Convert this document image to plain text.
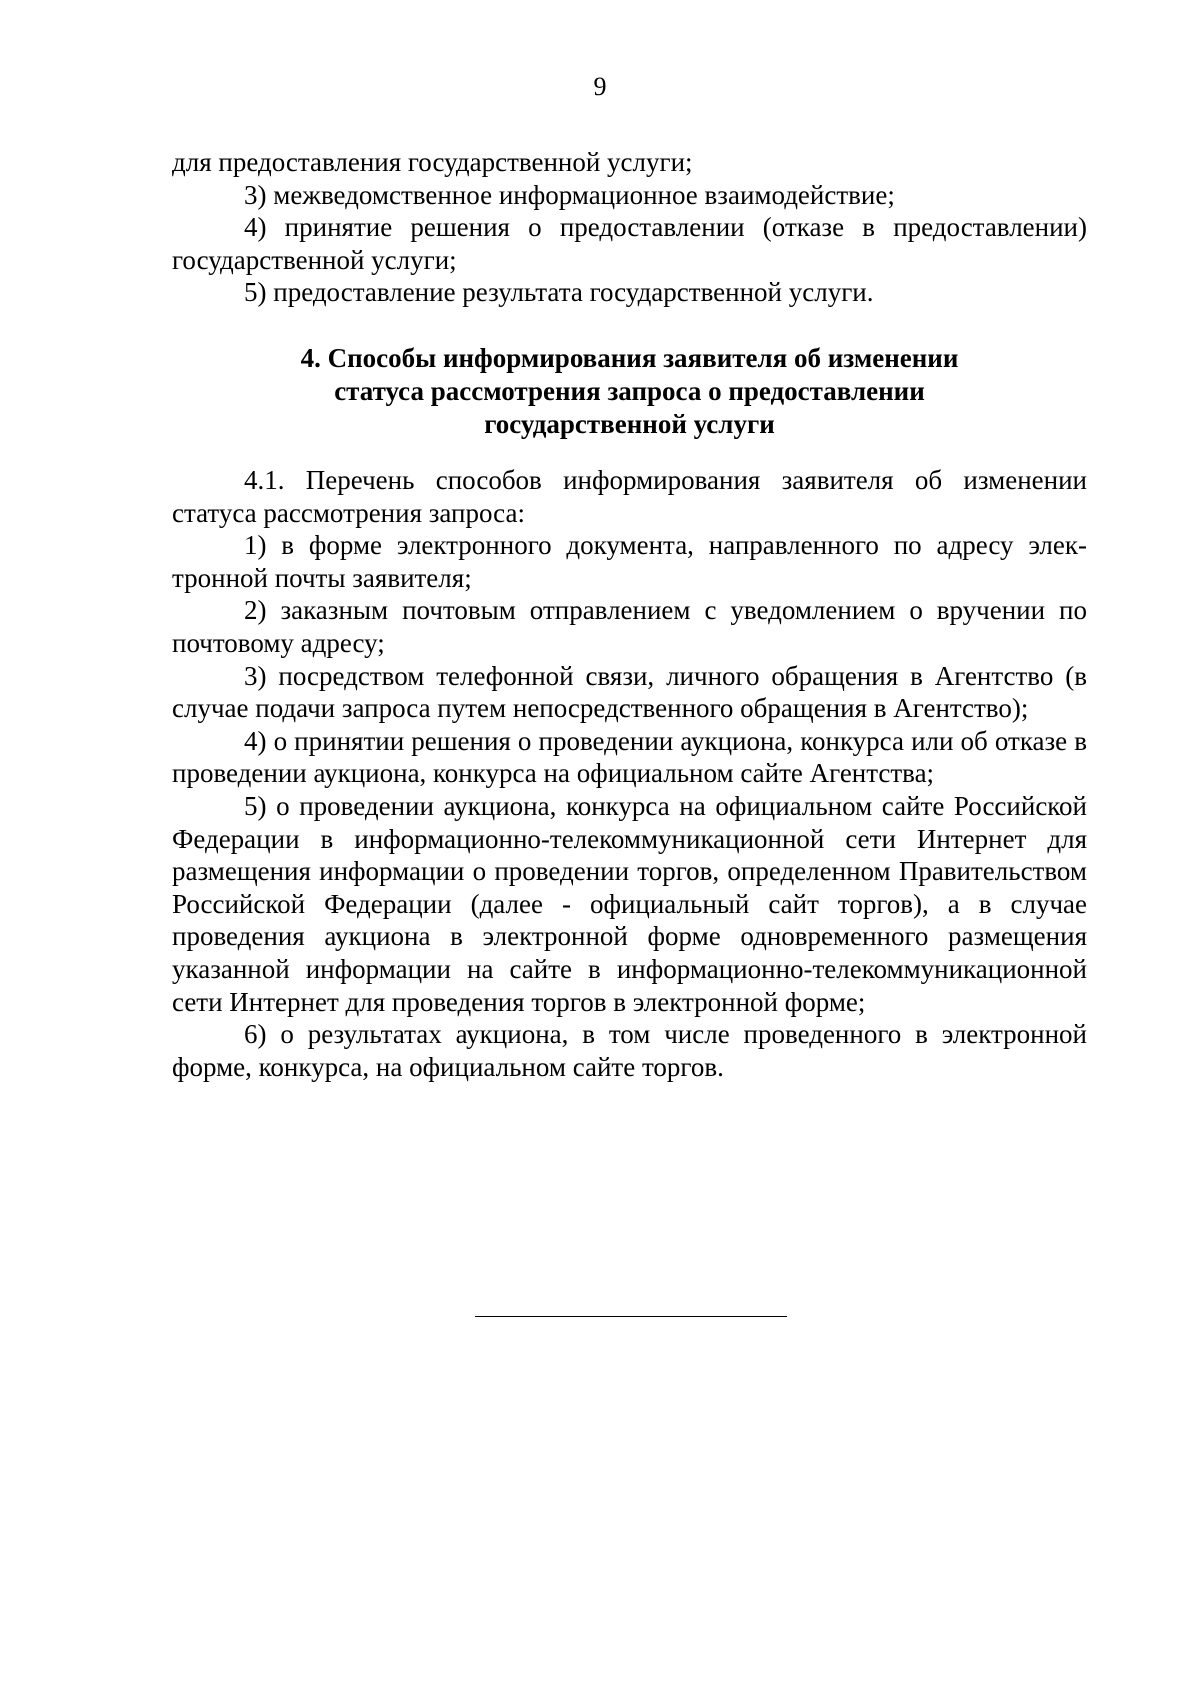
9

для предоставления государственной услуги;

3) межведомственное информационное взаимодействие;

4) принятие решения о предоставлении (отказе в предоставлении) государственной услуги;

5) предоставление результата государственной услуги.

4. Способы информирования заявителя об изменении
статуса рассмотрения запроса о предоставлении
государственной услуги

4.1. Перечень способов информирования заявителя об изменении статуса рассмотрения запроса:

1) в форме электронного документа, направленного по адресу электронной почты заявителя;

2) заказным почтовым отправлением с уведомлением о вручении по почтовому адресу;

3) посредством телефонной связи, личного обращения в Агентство (в случае подачи запроса путем непосредственного обращения в Агентство);

4) о принятии решения о проведении аукциона, конкурса или об отказе в проведении аукциона, конкурса на официальном сайте Агентства;

5) о проведении аукциона, конкурса на официальном сайте Российской Федерации в информационно-телекоммуникационной сети Интернет для размещения информации о проведении торгов, определенном Правительством Российской Федерации (далее - официальный сайт торгов), а в случае проведения аукциона в электронной форме одновременного размещения указанной информации на сайте в информационно-телекоммуникационной сети Интернет для проведения торгов в электронной форме;

6) о результатах аукциона, в том числе проведенного в электронной форме, конкурса, на официальном сайте торгов.
